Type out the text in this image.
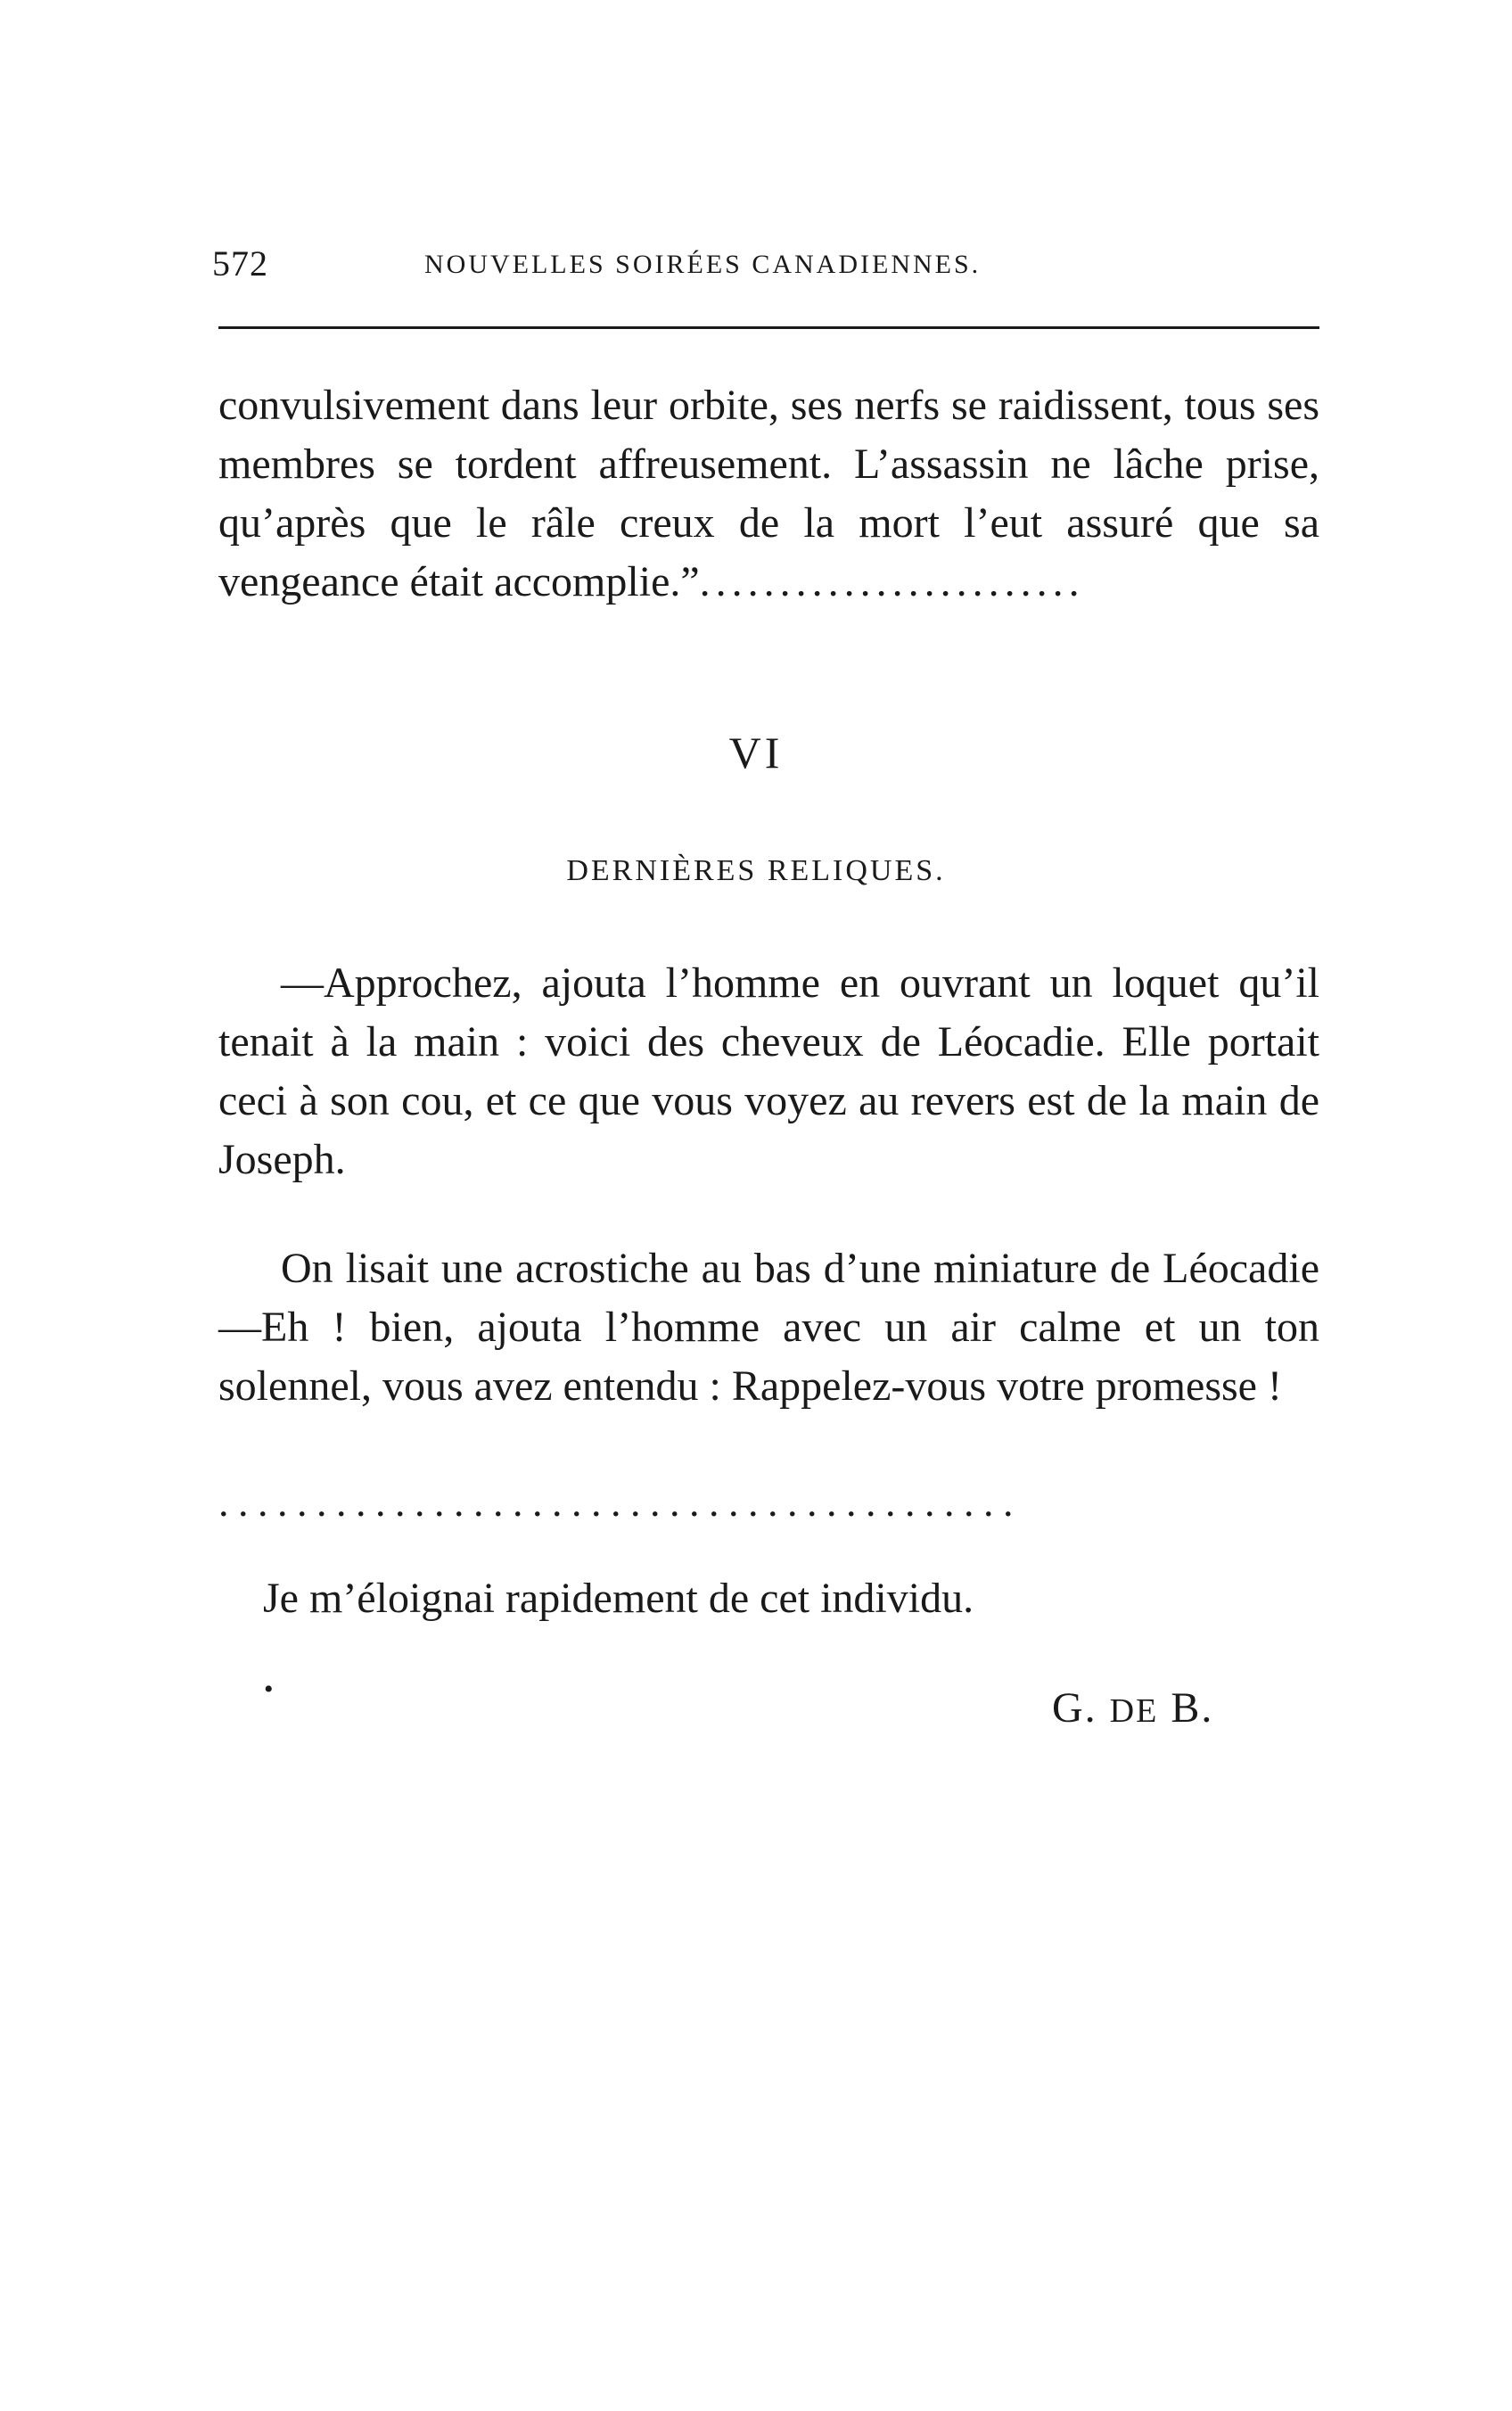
572	NOUVELLES SOIRÉES CANADIENNES.

convulsivement dans leur orbite, ses nerfs se raidissent, tous ses membres se tordent affreusement. L’assassin ne lâche prise, qu’après que le râle creux de la mort l’eut assuré que sa vengeance était accomplie.”........................

VI
DERNIÈRES RELIQUES.

—Approchez, ajouta l’homme en ouvrant un loquet qu’il tenait à la main : voici des cheveux de Léocadie. Elle portait ceci à son cou, et ce que vous voyez au revers est de la main de Joseph.

On lisait une acrostiche au bas d’une miniature de Léocadie—Eh ! bien, ajouta l’homme avec un air calme et un ton solennel, vous avez entendu : Rappelez-vous votre promesse !

.........................................

Je m’éloignai rapidement de cet individu.

•	G. DE B.
